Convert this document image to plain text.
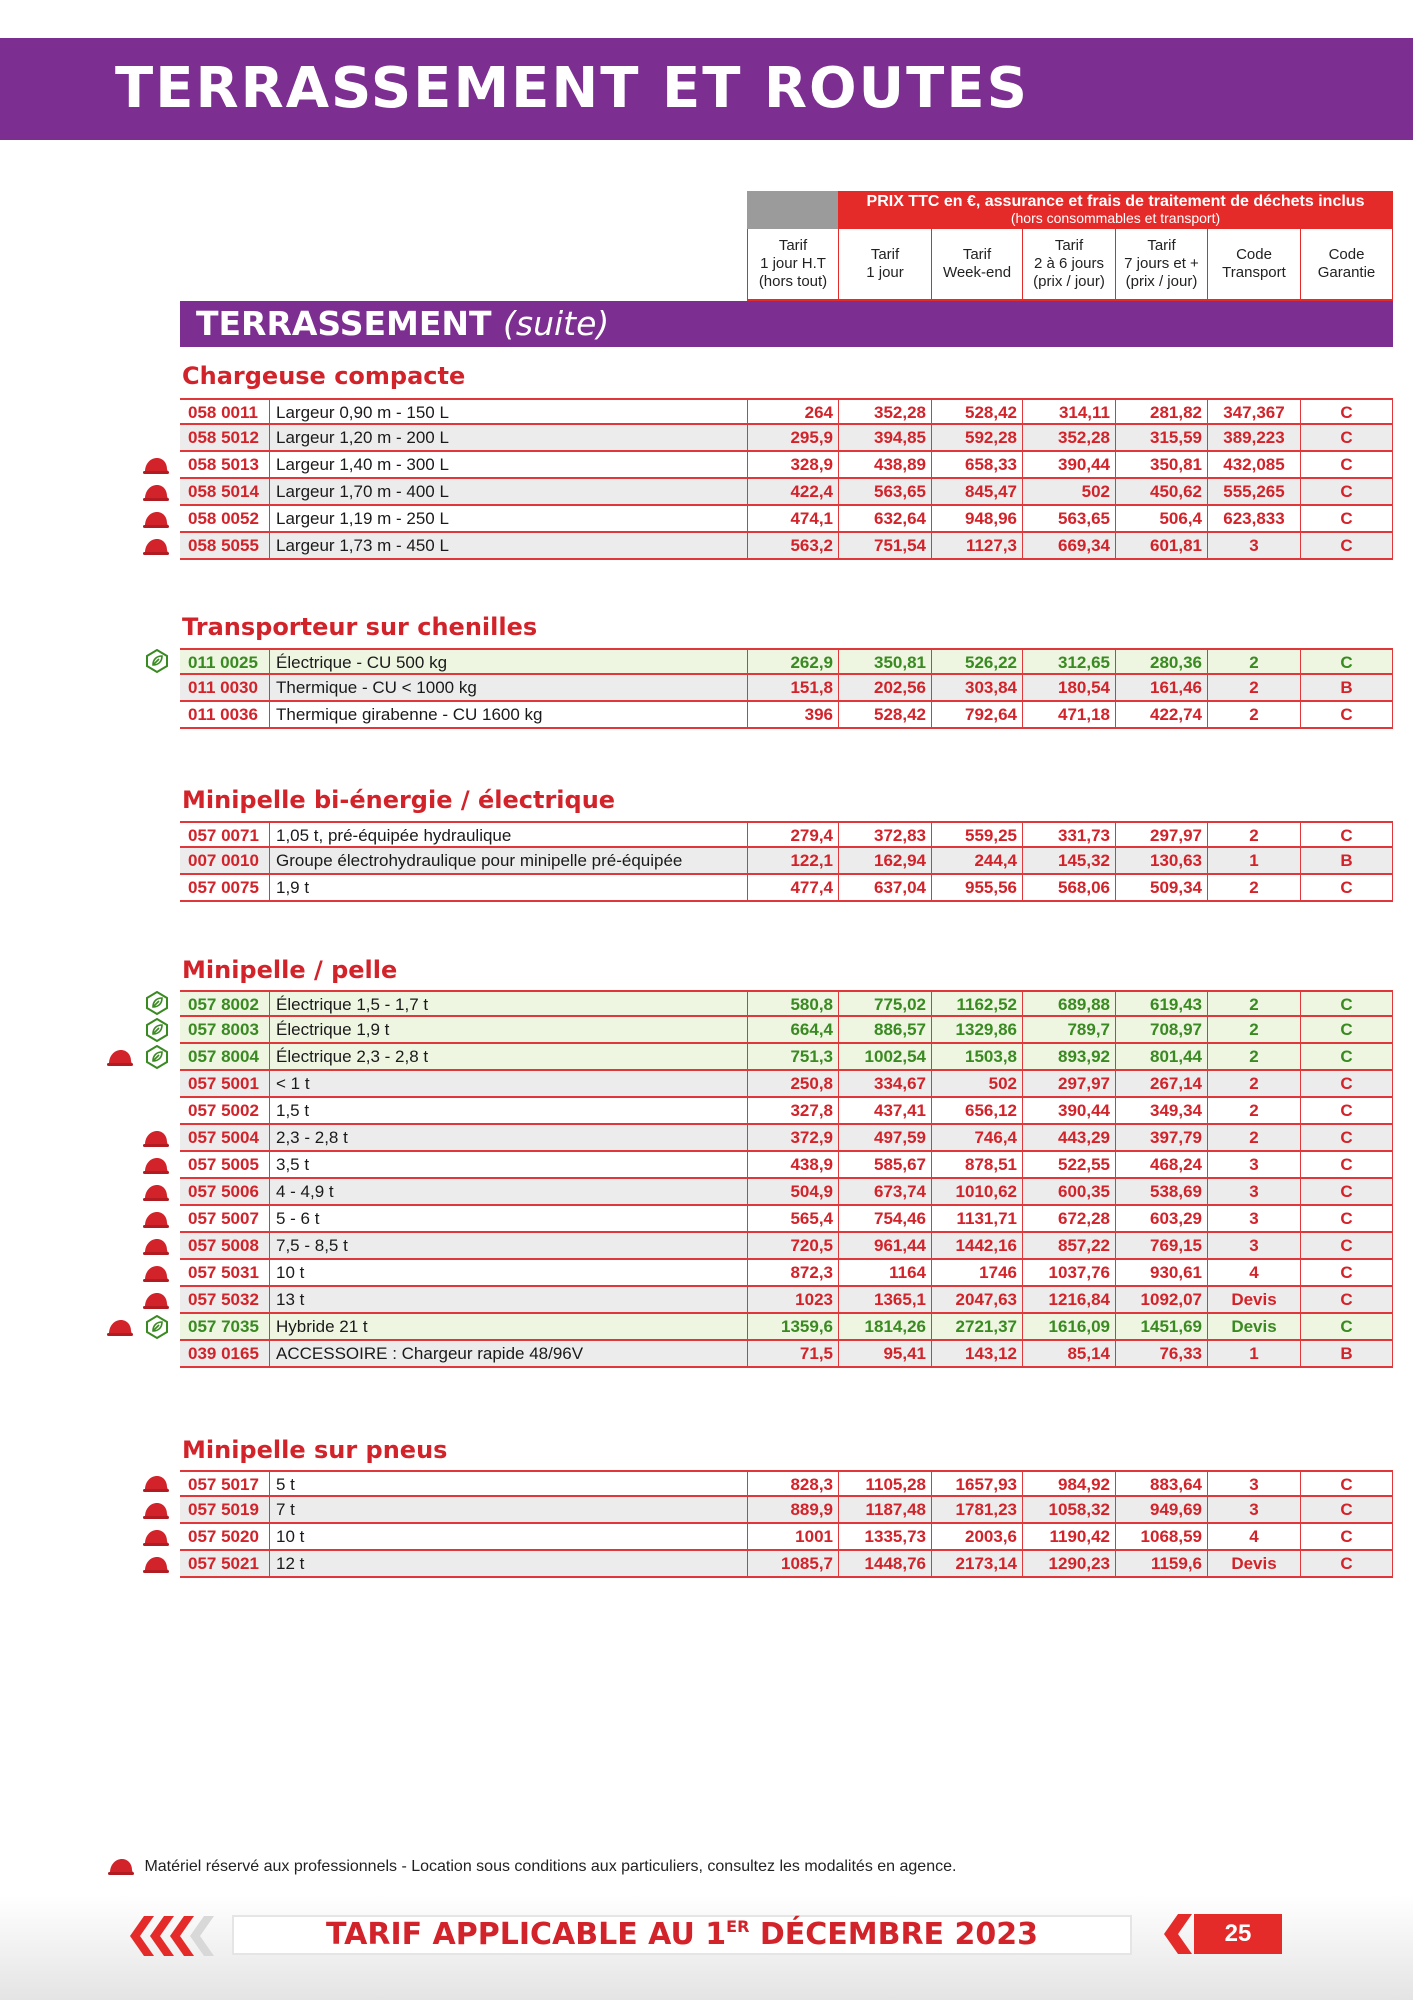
TERRASSEMENT ET ROUTES
PRIX TTC en €, assurance et frais de traitement de déchets inclus
(hors consommables et transport)
Tarif
1 jour H.T
(hors tout)
Tarif
1 jour
Tarif
Week-end
Tarif
2 à 6 jours
(prix / jour)
Tarif
7 jours et +
(prix / jour)
Code
Transport
Code
Garantie
TERRASSEMENT (suite)
Chargeuse compacte
058 0011	Largeur 0,90 m - 150 L	264	352,28	528,42	314,11	281,82	347,367	C
058 5012	Largeur 1,20 m - 200 L	295,9	394,85	592,28	352,28	315,59	389,223	C
058 5013	Largeur 1,40 m - 300 L	328,9	438,89	658,33	390,44	350,81	432,085	C
058 5014	Largeur 1,70 m - 400 L	422,4	563,65	845,47	502	450,62	555,265	C
058 0052	Largeur 1,19 m - 250 L	474,1	632,64	948,96	563,65	506,4	623,833	C
058 5055	Largeur 1,73 m - 450 L	563,2	751,54	1127,3	669,34	601,81	3	C
Transporteur sur chenilles
011 0025	Électrique - CU 500 kg	262,9	350,81	526,22	312,65	280,36	2	C
011 0030	Thermique - CU < 1000 kg	151,8	202,56	303,84	180,54	161,46	2	B
011 0036	Thermique girabenne - CU 1600 kg	396	528,42	792,64	471,18	422,74	2	C
Minipelle bi-énergie / électrique
057 0071	1,05 t, pré-équipée hydraulique	279,4	372,83	559,25	331,73	297,97	2	C
007 0010	Groupe électrohydraulique pour minipelle pré-équipée	122,1	162,94	244,4	145,32	130,63	1	B
057 0075	1,9 t	477,4	637,04	955,56	568,06	509,34	2	C
Minipelle / pelle
057 8002	Électrique 1,5 - 1,7 t	580,8	775,02	1162,52	689,88	619,43	2	C
057 8003	Électrique 1,9 t	664,4	886,57	1329,86	789,7	708,97	2	C
057 8004	Électrique 2,3 - 2,8 t	751,3	1002,54	1503,8	893,92	801,44	2	C
057 5001	< 1 t	250,8	334,67	502	297,97	267,14	2	C
057 5002	1,5 t	327,8	437,41	656,12	390,44	349,34	2	C
057 5004	2,3 - 2,8 t	372,9	497,59	746,4	443,29	397,79	2	C
057 5005	3,5 t	438,9	585,67	878,51	522,55	468,24	3	C
057 5006	4 - 4,9 t	504,9	673,74	1010,62	600,35	538,69	3	C
057 5007	5 - 6 t	565,4	754,46	1131,71	672,28	603,29	3	C
057 5008	7,5 - 8,5 t	720,5	961,44	1442,16	857,22	769,15	3	C
057 5031	10 t	872,3	1164	1746	1037,76	930,61	4	C
057 5032	13 t	1023	1365,1	2047,63	1216,84	1092,07	Devis	C
057 7035	Hybride 21 t	1359,6	1814,26	2721,37	1616,09	1451,69	Devis	C
039 0165	ACCESSOIRE : Chargeur rapide 48/96V	71,5	95,41	143,12	85,14	76,33	1	B
Minipelle sur pneus
057 5017	5 t	828,3	1105,28	1657,93	984,92	883,64	3	C
057 5019	7 t	889,9	1187,48	1781,23	1058,32	949,69	3	C
057 5020	10 t	1001	1335,73	2003,6	1190,42	1068,59	4	C
057 5021	12 t	1085,7	1448,76	2173,14	1290,23	1159,6	Devis	C
Matériel réservé aux professionnels - Location sous conditions aux particuliers, consultez les modalités en agence.
TARIF APPLICABLE AU 1ER DÉCEMBRE 2023	25
